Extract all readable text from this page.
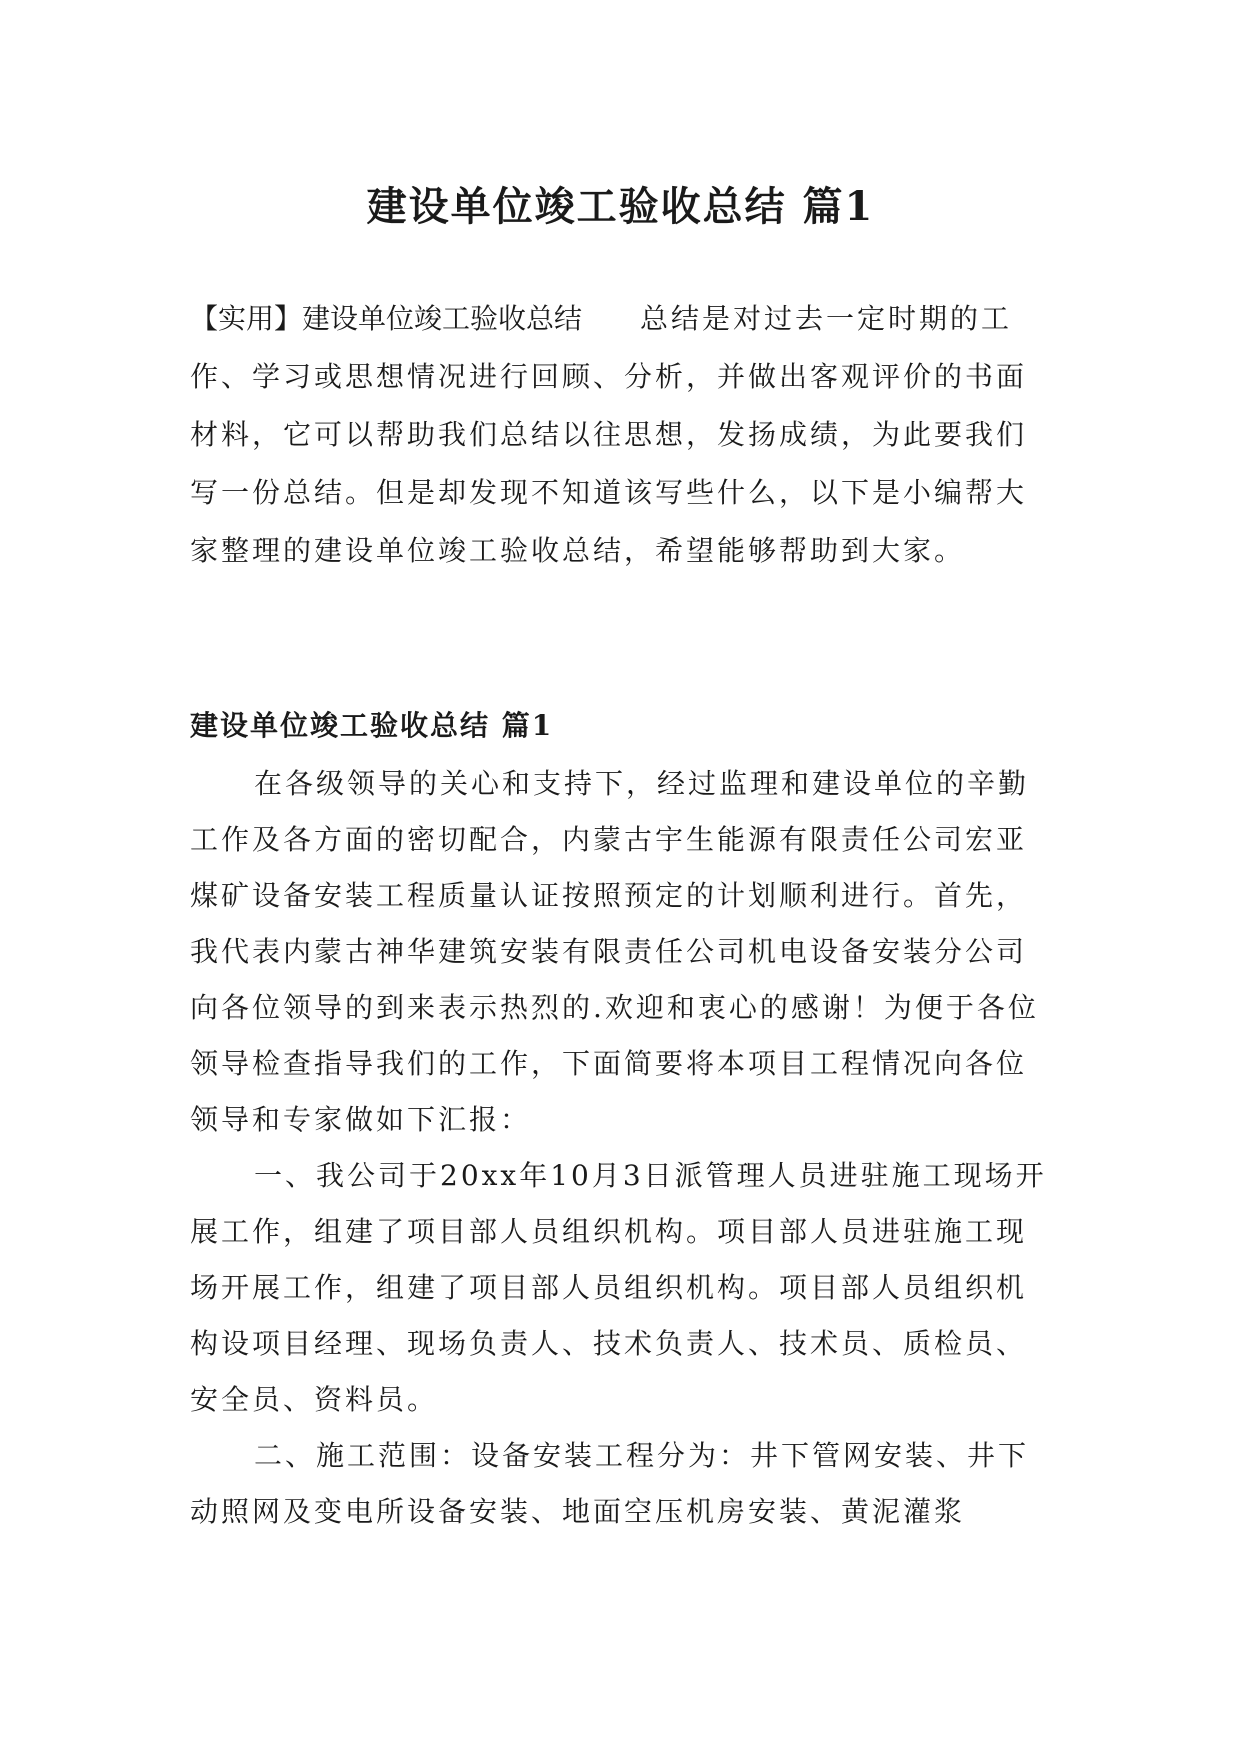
建设单位竣工验收总结 篇1

【实用】建设单位竣工验收总结 总结是对过去一定时期的工作、学习或思想情况进行回顾、分析，并做出客观评价的书面材料，它可以帮助我们总结以往思想，发扬成绩，为此要我们写一份总结。但是却发现不知道该写些什么，以下是小编帮大家整理的建设单位竣工验收总结，希望能够帮助到大家。

建设单位竣工验收总结 篇1

在各级领导的关心和支持下，经过监理和建设单位的辛勤工作及各方面的密切配合，内蒙古宇生能源有限责任公司宏亚煤矿设备安装工程质量认证按照预定的计划顺利进行。首先，我代表内蒙古神华建筑安装有限责任公司机电设备安装分公司向各位领导的到来表示热烈的.欢迎和衷心的感谢！为便于各位领导检查指导我们的工作，下面简要将本项目工程情况向各位领导和专家做如下汇报：

一、我公司于20xx年10月3日派管理人员进驻施工现场开展工作，组建了项目部人员组织机构。项目部人员进驻施工现场开展工作，组建了项目部人员组织机构。项目部人员组织机构设项目经理、现场负责人、技术负责人、技术员、质检员、安全员、资料员。

二、施工范围：设备安装工程分为：井下管网安装、井下动照网及变电所设备安装、地面空压机房安装、黄泥灌浆
